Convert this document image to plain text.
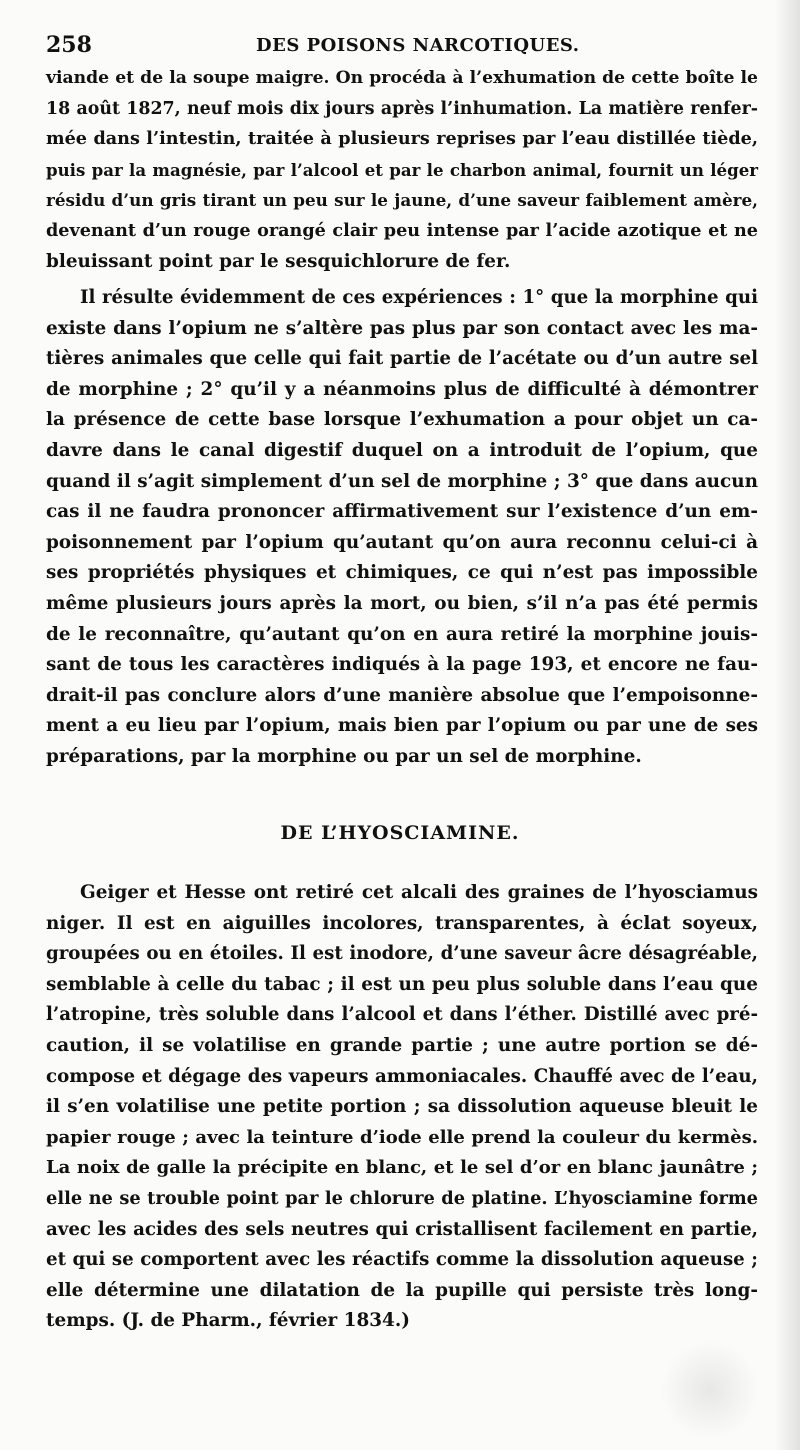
258	DES POISONS NARCOTIQUES.
viande et de la soupe maigre. On procéda à l’exhumation de cette boîte le
18 août 1827, neuf mois dix jours après l’inhumation. La matière renfer-
mée dans l’intestin, traitée à plusieurs reprises par l’eau distillée tiède,
puis par la magnésie, par l’alcool et par le charbon animal, fournit un léger
résidu d’un gris tirant un peu sur le jaune, d’une saveur faiblement amère,
devenant d’un rouge orangé clair peu intense par l’acide azotique et ne
bleuissant point par le sesquichlorure de fer.
Il résulte évidemment de ces expériences : 1° que la morphine qui
existe dans l’opium ne s’altère pas plus par son contact avec les ma-
tières animales que celle qui fait partie de l’acétate ou d’un autre sel
de morphine ; 2° qu’il y a néanmoins plus de difficulté à démontrer
la présence de cette base lorsque l’exhumation a pour objet un ca-
davre dans le canal digestif duquel on a introduit de l’opium, que
quand il s’agit simplement d’un sel de morphine ; 3° que dans aucun
cas il ne faudra prononcer affirmativement sur l’existence d’un em-
poisonnement par l’opium qu’autant qu’on aura reconnu celui-ci à
ses propriétés physiques et chimiques, ce qui n’est pas impossible
même plusieurs jours après la mort, ou bien, s’il n’a pas été permis
de le reconnaître, qu’autant qu’on en aura retiré la morphine jouis-
sant de tous les caractères indiqués à la page 193, et encore ne fau-
drait-il pas conclure alors d’une manière absolue que l’empoisonne-
ment a eu lieu par l’opium, mais bien par l’opium ou par une de ses
préparations, par la morphine ou par un sel de morphine.
DE L’HYOSCIAMINE.
Geiger et Hesse ont retiré cet alcali des graines de l’hyosciamus
niger. Il est en aiguilles incolores, transparentes, à éclat soyeux,
groupées ou en étoiles. Il est inodore, d’une saveur âcre désagréable,
semblable à celle du tabac ; il est un peu plus soluble dans l’eau que
l’atropine, très soluble dans l’alcool et dans l’éther. Distillé avec pré-
caution, il se volatilise en grande partie ; une autre portion se dé-
compose et dégage des vapeurs ammoniacales. Chauffé avec de l’eau,
il s’en volatilise une petite portion ; sa dissolution aqueuse bleuit le
papier rouge ; avec la teinture d’iode elle prend la couleur du kermès.
La noix de galle la précipite en blanc, et le sel d’or en blanc jaunâtre ;
elle ne se trouble point par le chlorure de platine. L’hyosciamine forme
avec les acides des sels neutres qui cristallisent facilement en partie,
et qui se comportent avec les réactifs comme la dissolution aqueuse ;
elle détermine une dilatation de la pupille qui persiste très long-
temps. (J. de Pharm., février 1834.)
